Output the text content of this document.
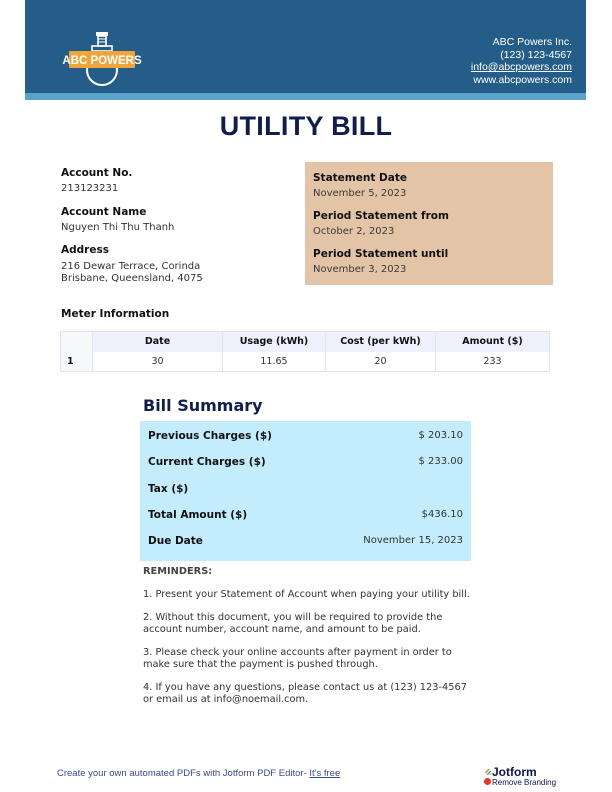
ABC POWERS
ABC Powers Inc.
(123) 123-4567
info@abcpowers.com
www.abcpowers.com
UTILITY BILL
Account No.
213123231
Account Name
Nguyen Thi Thu Thanh
Address
216 Dewar Terrace, Corinda
Brisbane, Queensland, 4075
Statement Date
November 5, 2023
Period Statement from
October 2, 2023
Period Statement until
November 3, 2023
Meter Information
	Date	Usage (kWh)	Cost (per kWh)	Amount ($)
1	30	11.65	20	233
Bill Summary
Previous Charges ($)	$ 203.10
Current Charges ($)	$ 233.00
Tax ($)
Total Amount ($)	$436.10
Due Date	November 15, 2023
REMINDERS:
1. Present your Statement of Account when paying your utility bill.
2. Without this document, you will be required to provide the account number, account name, and amount to be paid.
3. Please check your online accounts after payment in order to make sure that the payment is pushed through.
4. If you have any questions, please contact us at (123) 123-4567 or email us at info@noemail.com.
Create your own automated PDFs with Jotform PDF Editor- It's free	Jotform
Remove Branding
